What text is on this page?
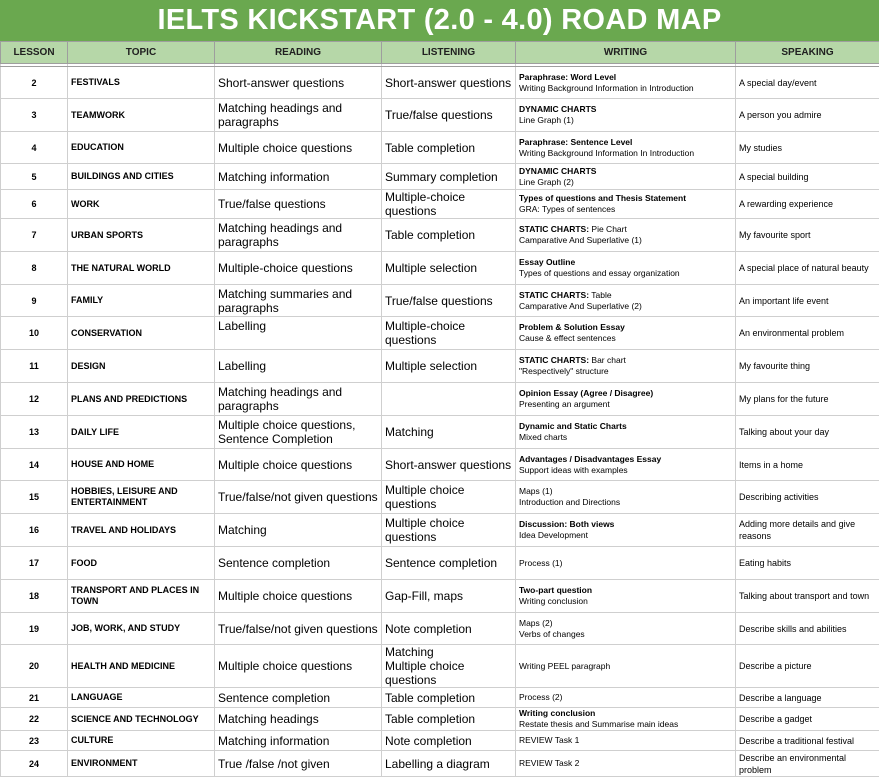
IELTS KICKSTART (2.0 - 4.0) ROAD MAP
LESSON	TOPIC	READING	LISTENING	WRITING	SPEAKING

2	FESTIVALS	Short-answer questions	Short-answer questions	Paraphrase: Word Level
Writing Background Information in Introduction	A special day/event
3	TEAMWORK	Matching headings and paragraphs	True/false questions	DYNAMIC CHARTS
Line Graph (1)	A person you admire
4	EDUCATION	Multiple choice questions	Table completion	Paraphrase: Sentence Level
Writing Background Information In Introduction	My studies
5	BUILDINGS AND CITIES	Matching information	Summary completion	DYNAMIC CHARTS
Line Graph (2)	A special building
6	WORK	True/false questions	Multiple-choice questions	Types of questions and Thesis Statement
GRA: Types of sentences	A rewarding experience
7	URBAN SPORTS	Matching headings and paragraphs	Table completion	STATIC CHARTS: Pie Chart
Camparative And Superlative (1)	My favourite sport
8	THE NATURAL WORLD	Multiple-choice questions	Multiple selection	Essay Outline
Types of questions and essay organization	A special place of natural beauty
9	FAMILY	Matching summaries and paragraphs	True/false questions	STATIC CHARTS: Table
Camparative And Superlative (2)	An important life event
10	CONSERVATION	Labelling	Multiple-choice questions	Problem & Solution Essay
Cause & effect sentences	An environmental problem
11	DESIGN	Labelling	Multiple selection	STATIC CHARTS: Bar chart
"Respectively" structure	My favourite thing
12	PLANS AND PREDICTIONS	Matching headings and paragraphs		Opinion Essay (Agree / Disagree)
Presenting an argument	My plans for the future
13	DAILY LIFE	Multiple choice questions, Sentence Completion	Matching	Dynamic and Static Charts
Mixed charts	Talking about your day
14	HOUSE AND HOME	Multiple choice questions	Short-answer questions	Advantages / Disadvantages Essay
Support ideas with examples	Items in a home
15	HOBBIES, LEISURE AND ENTERTAINMENT	True/false/not given questions	Multiple choice questions	Maps (1)
Introduction and Directions	Describing activities
16	TRAVEL AND HOLIDAYS	Matching	Multiple choice questions	Discussion: Both views
Idea Development	Adding more details and give reasons
17	FOOD	Sentence completion	Sentence completion	Process (1)	Eating habits
18	TRANSPORT AND PLACES IN TOWN	Multiple choice questions	Gap-Fill, maps	Two-part question
Writing conclusion	Talking about transport and town
19	JOB, WORK, AND STUDY	True/false/not given questions	Note completion	Maps (2)
Verbs of changes	Describe skills and abilities
20	HEALTH AND MEDICINE	Multiple choice questions	Matching
Multiple choice questions	Writing PEEL paragraph	Describe a picture
21	LANGUAGE	Sentence completion	Table completion	Process (2)	Describe a language
22	SCIENCE AND TECHNOLOGY	Matching headings	Table completion	Writing conclusion
Restate thesis and Summarise main ideas	Describe a gadget
23	CULTURE	Matching information	Note completion	REVIEW Task 1	Describe a traditional festival
24	ENVIRONMENT	True /false /not given	Labelling a diagram	REVIEW Task 2	Describe an environmental problem
